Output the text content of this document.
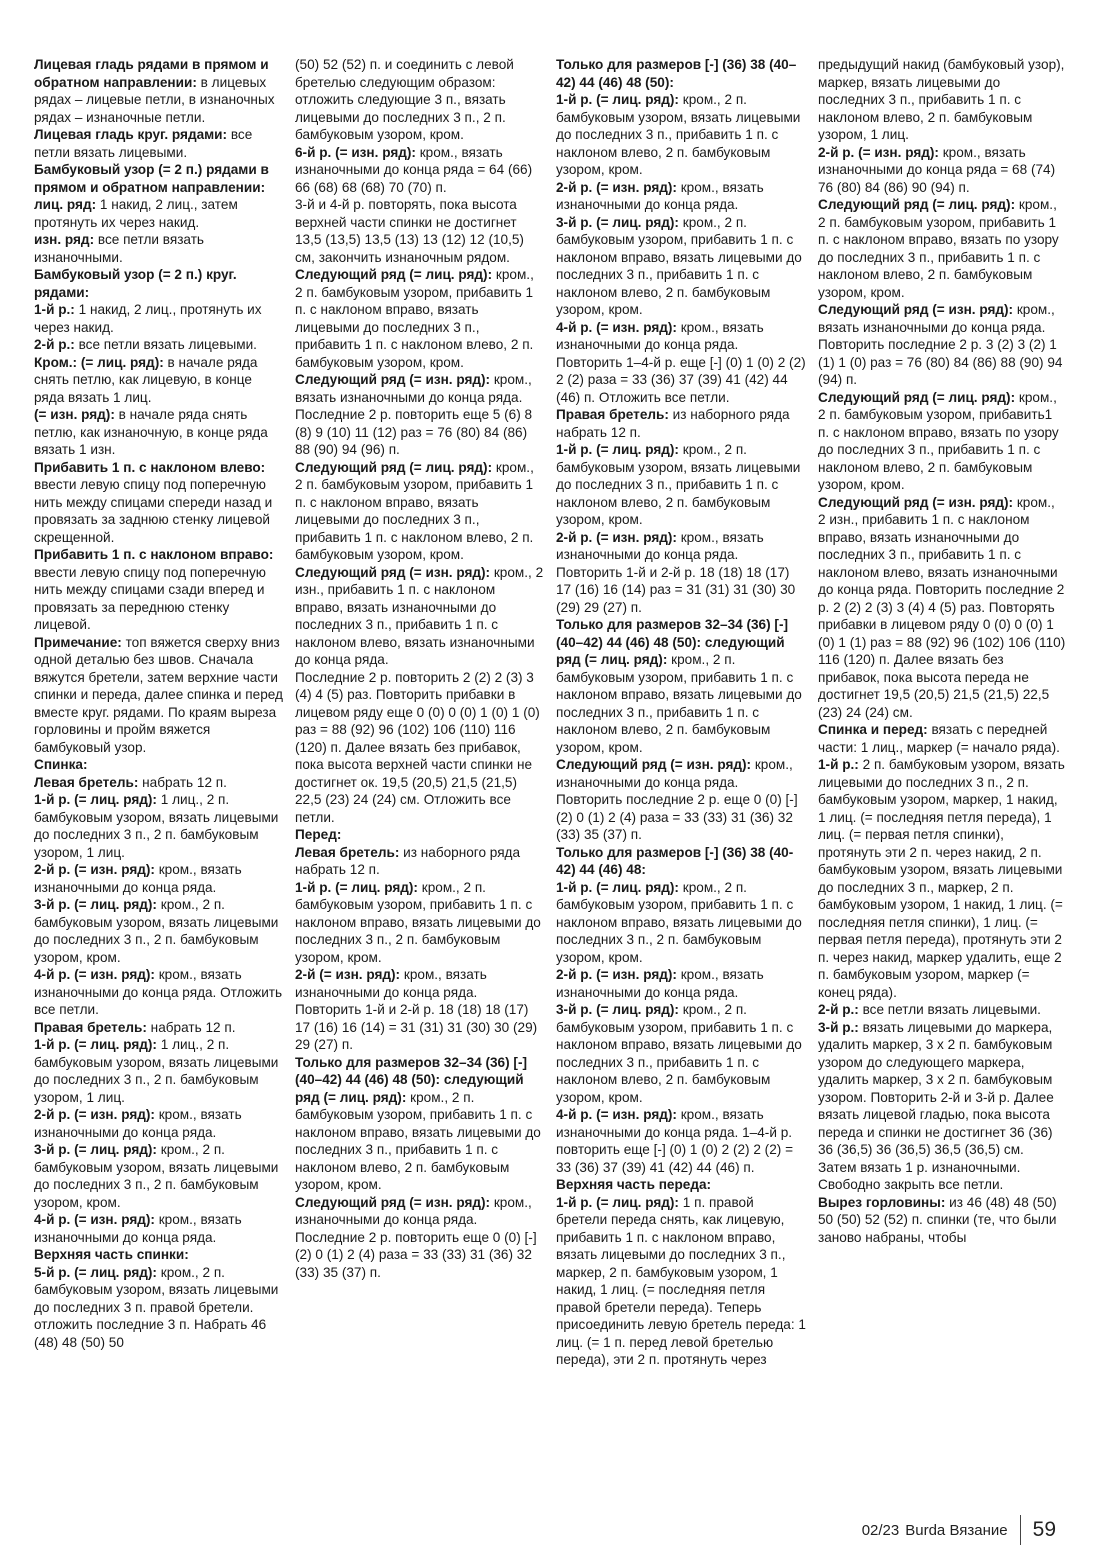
Лицевая гладь рядами в прямом и обратном направлении: в лицевых рядах – лицевые петли, в изнаночных рядах – изнаночные петли.

Лицевая гладь круг. рядами: все петли вязать лицевыми.

Бамбуковый узор (= 2 п.) рядами в прямом и обратном направлении:

лиц. ряд: 1 накид, 2 лиц., затем протянуть их через накид.

изн. ряд: все петли вязать изнаночными.

Бамбуковый узор (= 2 п.) круг. рядами:

1-й р.: 1 накид, 2 лиц., протянуть их через накид.

2-й р.: все петли вязать лицевыми.

Кром.: (= лиц. ряд): в начале ряда снять петлю, как лицевую, в конце ряда вязать 1 лиц.

(= изн. ряд): в начале ряда снять петлю, как изнаночную, в конце ряда вязать 1 изн.

Прибавить 1 п. с наклоном влево: ввести левую спицу под поперечную нить между спицами спереди назад и провязать за заднюю стенку лицевой скрещенной.

Прибавить 1 п. с наклоном вправо: ввести левую спицу под поперечную нить между спицами сзади вперед и провязать за переднюю стенку лицевой.

Примечание: топ вяжется сверху вниз одной деталью без швов. Сначала вяжутся бретели, затем верхние части спинки и переда, далее спинка и перед вместе круг. рядами. По краям выреза горловины и пройм вяжется бамбуковый узор.

Спинка:

Левая бретель: набрать 12 п.

1-й р. (= лиц. ряд): 1 лиц., 2 п. бамбуковым узором, вязать лицевыми до последних 3 п., 2 п. бамбуковым узором, 1 лиц.

2-й р. (= изн. ряд): кром., вязать изнаночными до конца ряда.

3-й р. (= лиц. ряд): кром., 2 п. бамбуковым узором, вязать лицевыми до последних 3 п., 2 п. бамбуковым узором, кром.

4-й р. (= изн. ряд): кром., вязать изнаночными до конца ряда. Отложить все петли.

Правая бретель: набрать 12 п.

1-й р. (= лиц. ряд): 1 лиц., 2 п. бамбуковым узором, вязать лицевыми до последних 3 п., 2 п. бамбуковым узором, 1 лиц.

2-й р. (= изн. ряд): кром., вязать изнаночными до конца ряда.

3-й р. (= лиц. ряд): кром., 2 п. бамбуковым узором, вязать лицевыми до последних 3 п., 2 п. бамбуковым узором, кром.

4-й р. (= изн. ряд): кром., вязать изнаночными до конца ряда.

Верхняя часть спинки:

5-й р. (= лиц. ряд): кром., 2 п. бамбуковым узором, вязать лицевыми до последних 3 п. правой бретели. отложить последние 3 п. Набрать 46 (48) 48 (50) 50

(50) 52 (52) п. и соединить с левой бретелью следующим образом: отложить следующие 3 п., вязать лицевыми до последних 3 п., 2 п. бамбуковым узором, кром.

6-й р. (= изн. ряд): кром., вязать изнаночными до конца ряда = 64 (66) 66 (68) 68 (68) 70 (70) п.

3-й и 4-й р. повторять, пока высота верхней части спинки не достигнет 13,5 (13,5) 13,5 (13) 13 (12) 12 (10,5) см, закончить изнаночным рядом.

Следующий ряд (= лиц. ряд): кром., 2 п. бамбуковым узором, прибавить 1 п. с наклоном вправо, вязать лицевыми до последних 3 п., прибавить 1 п. с наклоном влево, 2 п. бамбуковым узором, кром.

Следующий ряд (= изн. ряд): кром., вязать изнаночными до конца ряда.

Последние 2 р. повторить еще 5 (6) 8 (8) 9 (10) 11 (12) раз = 76 (80) 84 (86) 88 (90) 94 (96) п.

Следующий ряд (= лиц. ряд): кром., 2 п. бамбуковым узором, прибавить 1 п. с наклоном вправо, вязать лицевыми до последних 3 п., прибавить 1 п. с наклоном влево, 2 п. бамбуковым узором, кром.

Следующий ряд (= изн. ряд): кром., 2 изн., прибавить 1 п. с наклоном вправо, вязать изнаночными до последних 3 п., прибавить 1 п. с наклоном влево, вязать изнаночными до конца ряда.

Последние 2 р. повторить 2 (2) 2 (3) 3 (4) 4 (5) раз. Повторить прибавки в лицевом ряду еще 0 (0) 0 (0) 1 (0) 1 (0) раз = 88 (92) 96 (102) 106 (110) 116 (120) п. Далее вязать без прибавок, пока высота верхней части спинки не достигнет ок. 19,5 (20,5) 21,5 (21,5) 22,5 (23) 24 (24) см. Отложить все петли.

Перед:

Левая бретель: из наборного ряда набрать 12 п.

1-й р. (= лиц. ряд): кром., 2 п. бамбуковым узором, прибавить 1 п. с наклоном вправо, вязать лицевыми до последних 3 п., 2 п. бамбуковым узором, кром.

2-й (= изн. ряд): кром., вязать изнаночными до конца ряда. Повторить 1-й и 2-й р. 18 (18) 18 (17) 17 (16) 16 (14) = 31 (31) 31 (30) 30 (29) 29 (27) п.

Только для размеров 32–34 (36) [-] (40–42) 44 (46) 48 (50): следующий ряд (= лиц. ряд): кром., 2 п. бамбуковым узором, прибавить 1 п. с наклоном вправо, вязать лицевыми до последних 3 п., прибавить 1 п. с наклоном влево, 2 п. бамбуковым узором, кром.

Следующий ряд (= изн. ряд): кром., изнаночными до конца ряда. Последние 2 р. повторить еще 0 (0) [-] (2) 0 (1) 2 (4) раза = 33 (33) 31 (36) 32 (33) 35 (37) п.

Только для размеров [-] (36) 38 (40–42) 44 (46) 48 (50):

1-й р. (= лиц. ряд): кром., 2 п. бамбуковым узором, вязать лицевыми до последних 3 п., прибавить 1 п. с наклоном влево, 2 п. бамбуковым узором, кром.

2-й р. (= изн. ряд): кром., вязать изнаночными до конца ряда.

3-й р. (= лиц. ряд): кром., 2 п. бамбуковым узором, прибавить 1 п. с наклоном вправо, вязать лицевыми до последних 3 п., прибавить 1 п. с наклоном влево, 2 п. бамбуковым узором, кром.

4-й р. (= изн. ряд): кром., вязать изнаночными до конца ряда. Повторить 1–4-й р. еще [-] (0) 1 (0) 2 (2) 2 (2) раза = 33 (36) 37 (39) 41 (42) 44 (46) п. Отложить все петли.

Правая бретель: из наборного ряда набрать 12 п.

1-й р. (= лиц. ряд): кром., 2 п. бамбуковым узором, вязать лицевыми до последних 3 п., прибавить 1 п. с наклоном влево, 2 п. бамбуковым узором, кром.

2-й р. (= изн. ряд): кром., вязать изнаночными до конца ряда. Повторить 1-й и 2-й р. 18 (18) 18 (17) 17 (16) 16 (14) раз = 31 (31) 31 (30) 30 (29) 29 (27) п.

Только для размеров 32–34 (36) [-] (40–42) 44 (46) 48 (50): следующий ряд (= лиц. ряд): кром., 2 п. бамбуковым узором, прибавить 1 п. с наклоном вправо, вязать лицевыми до последних 3 п., прибавить 1 п. с наклоном влево, 2 п. бамбуковым узором, кром.

Следующий ряд (= изн. ряд): кром., изнаночными до конца ряда. Повторить последние 2 р. еще 0 (0) [-] (2) 0 (1) 2 (4) раза = 33 (33) 31 (36) 32 (33) 35 (37) п.

Только для размеров [-] (36) 38 (40-42) 44 (46) 48:

1-й р. (= лиц. ряд): кром., 2 п. бамбуковым узором, прибавить 1 п. с наклоном вправо, вязать лицевыми до последних 3 п., 2 п. бамбуковым узором, кром.

2-й р. (= изн. ряд): кром., вязать изнаночными до конца ряда.

3-й р. (= лиц. ряд): кром., 2 п. бамбуковым узором, прибавить 1 п. с наклоном вправо, вязать лицевыми до последних 3 п., прибавить 1 п. с наклоном влево, 2 п. бамбуковым узором, кром.

4-й р. (= изн. ряд): кром., вязать изнаночными до конца ряда. 1–4-й р. повторить еще [-] (0) 1 (0) 2 (2) 2 (2) = 33 (36) 37 (39) 41 (42) 44 (46) п.

Верхняя часть переда:

1-й р. (= лиц. ряд): 1 п. правой бретели переда снять, как лицевую, прибавить 1 п. с наклоном вправо, вязать лицевыми до последних 3 п., маркер, 2 п. бамбуковым узором, 1 накид, 1 лиц. (= последняя петля правой бретели переда). Теперь присоединить левую бретель переда: 1 лиц. (= 1 п. перед левой бретелью переда), эти 2 п. протянуть через

предыдущий накид (бамбуковый узор), маркер, вязать лицевыми до последних 3 п., прибавить 1 п. с наклоном влево, 2 п. бамбуковым узором, 1 лиц.

2-й р. (= изн. ряд): кром., вязать изнаночными до конца ряда = 68 (74) 76 (80) 84 (86) 90 (94) п.

Следующий ряд (= лиц. ряд): кром., 2 п. бамбуковым узором, прибавить 1 п. с наклоном вправо, вязать по узору до последних 3 п., прибавить 1 п. с наклоном влево, 2 п. бамбуковым узором, кром.

Следующий ряд (= изн. ряд): кром., вязать изнаночными до конца ряда.

Повторить последние 2 р. 3 (2) 3 (2) 1 (1) 1 (0) раз = 76 (80) 84 (86) 88 (90) 94 (94) п.

Следующий ряд (= лиц. ряд): кром., 2 п. бамбуковым узором, прибавить1 п. с наклоном вправо, вязать по узору до последних 3 п., прибавить 1 п. с наклоном влево, 2 п. бамбуковым узором, кром.

Следующий ряд (= изн. ряд): кром., 2 изн., прибавить 1 п. с наклоном вправо, вязать изнаночными до последних 3 п., прибавить 1 п. с наклоном влево, вязать изнаночными до конца ряда. Повторить последние 2 р. 2 (2) 2 (3) 3 (4) 4 (5) раз. Повторять прибавки в лицевом ряду 0 (0) 0 (0) 1 (0) 1 (1) раз = 88 (92) 96 (102) 106 (110) 116 (120) п. Далее вязать без прибавок, пока высота переда не достигнет 19,5 (20,5) 21,5 (21,5) 22,5 (23) 24 (24) см.

Спинка и перед: вязать с передней части: 1 лиц., маркер (= начало ряда).

1-й р.: 2 п. бамбуковым узором, вязать лицевыми до последних 3 п., 2 п. бамбуковым узором, маркер, 1 накид, 1 лиц. (= последняя петля переда), 1 лиц. (= первая петля спинки), протянуть эти 2 п. через накид, 2 п. бамбуковым узором, вязать лицевыми до последних 3 п., маркер, 2 п. бамбуковым узором, 1 накид, 1 лиц. (= последняя петля спинки), 1 лиц. (= первая петля переда), протянуть эти 2 п. через накид, маркер удалить, еще 2 п. бамбуковым узором, маркер (= конец ряда).

2-й р.: все петли вязать лицевыми.

3-й р.: вязать лицевыми до маркера, удалить маркер, 3 х 2 п. бамбуковым узором до следующего маркера, удалить маркер, 3 х 2 п. бамбуковым узором. Повторить 2-й и 3-й р. Далее вязать лицевой гладью, пока высота переда и спинки не достигнет 36 (36) 36 (36,5) 36 (36,5) 36,5 (36,5) см. Затем вязать 1 р. изнаночными. Свободно закрыть все петли.

Вырез горловины: из 46 (48) 48 (50) 50 (50) 52 (52) п. спинки (те, что были заново набраны, чтобы

02/23 Burda Вязание 59
